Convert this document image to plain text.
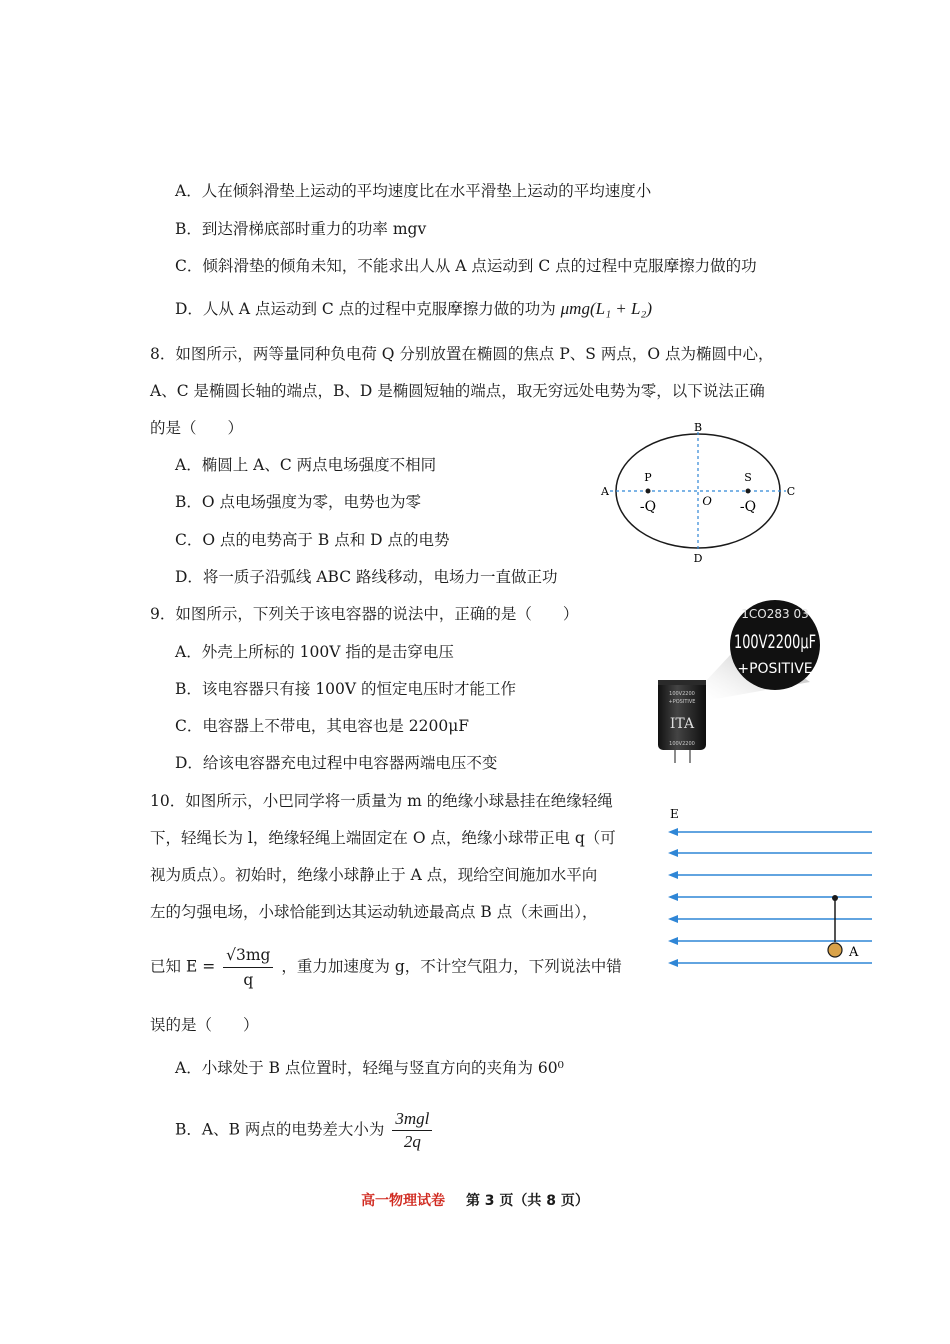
A．人在倾斜滑垫上运动的平均速度比在水平滑垫上运动的平均速度小
B．到达滑梯底部时重力的功率 mgv
C．倾斜滑垫的倾角未知，不能求出人从 A 点运动到 C 点的过程中克服摩擦力做的功
D．人从 A 点运动到 C 点的过程中克服摩擦力做的功为 μmg(L₁ + L₂)
8．如图所示，两等量同种负电荷 Q 分别放置在椭圆的焦点 P、S 两点，O 点为椭圆中心，
A、C 是椭圆长轴的端点，B、D 是椭圆短轴的端点，取无穷远处电势为零，以下说法正确
的是（　　）
A．椭圆上 A、C 两点电场强度不相同
B．O 点电场强度为零，电势也为零
C．O 点的电势高于 B 点和 D 点的电势
D．将一质子沿弧线 ABC 路线移动，电场力一直做正功
B
D
A	C
P	S
O
-Q	-Q
9．如图所示，下列关于该电容器的说法中，正确的是（　　）
A．外壳上所标的 100V 指的是击穿电压
B．该电容器只有接 100V 的恒定电压时才能工作
C．电容器上不带电，其电容也是 2200μF
D．给该电容器充电过程中电容器两端电压不变
1CO283 03
100V2200μF
+POSITIVE
100V2200
+POSITIVE
ITA
100V2200
10．如图所示，小巴同学将一质量为 m 的绝缘小球悬挂在绝缘轻绳
下，轻绳长为 l，绝缘轻绳上端固定在 O 点，绝缘小球带正电 q（可
视为质点）。初始时，绝缘小球静止于 A 点，现给空间施加水平向
左的匀强电场，小球恰能到达其运动轨迹最高点 B 点（未画出），
已知 $E = \frac{√3mg}{q}$ ，重力加速度为 g，不计空气阻力，下列说法中错
误的是（　　）
A．小球处于 B 点位置时，轻绳与竖直方向的夹角为 60⁰
B．A、B 两点的电势差大小为 $\frac{\text{3mgl}}{2q}$
E
A
高一物理试卷 第 3 页（共 8 页）
